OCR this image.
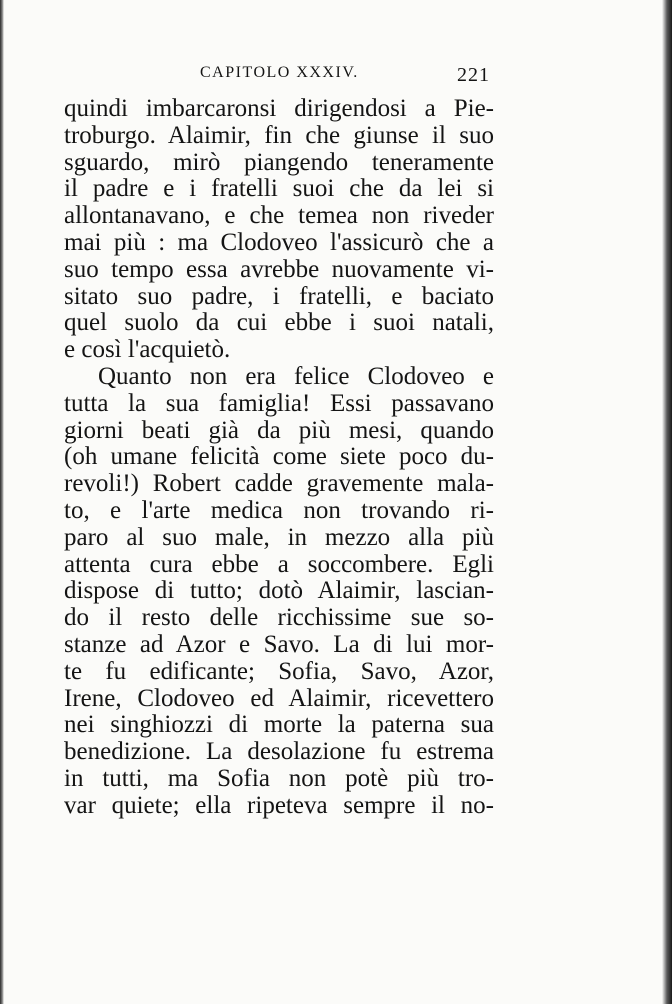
CAPITOLO XXXIV.	221
quindi imbarcaronsi dirigendosi a Pie-
troburgo. Alaimir, fin che giunse il suo
sguardo, mirò piangendo teneramente
il padre e i fratelli suoi che da lei si
allontanavano, e che temea non riveder
mai più : ma Clodoveo l'assicurò che a
suo tempo essa avrebbe nuovamente vi-
sitato suo padre, i fratelli, e baciato
quel suolo da cui ebbe i suoi natali,
e così l'acquietò.
Quanto non era felice Clodoveo e
tutta la sua famiglia! Essi passavano
giorni beati già da più mesi, quando
(oh umane felicità come siete poco du-
revoli!) Robert cadde gravemente mala-
to, e l'arte medica non trovando ri-
paro al suo male, in mezzo alla più
attenta cura ebbe a soccombere. Egli
dispose di tutto; dotò Alaimir, lascian-
do il resto delle ricchissime sue so-
stanze ad Azor e Savo. La di lui mor-
te fu edificante; Sofia, Savo, Azor,
Irene, Clodoveo ed Alaimir, ricevettero
nei singhiozzi di morte la paterna sua
benedizione. La desolazione fu estrema
in tutti, ma Sofia non potè più tro-
var quiete; ella ripeteva sempre il no-
